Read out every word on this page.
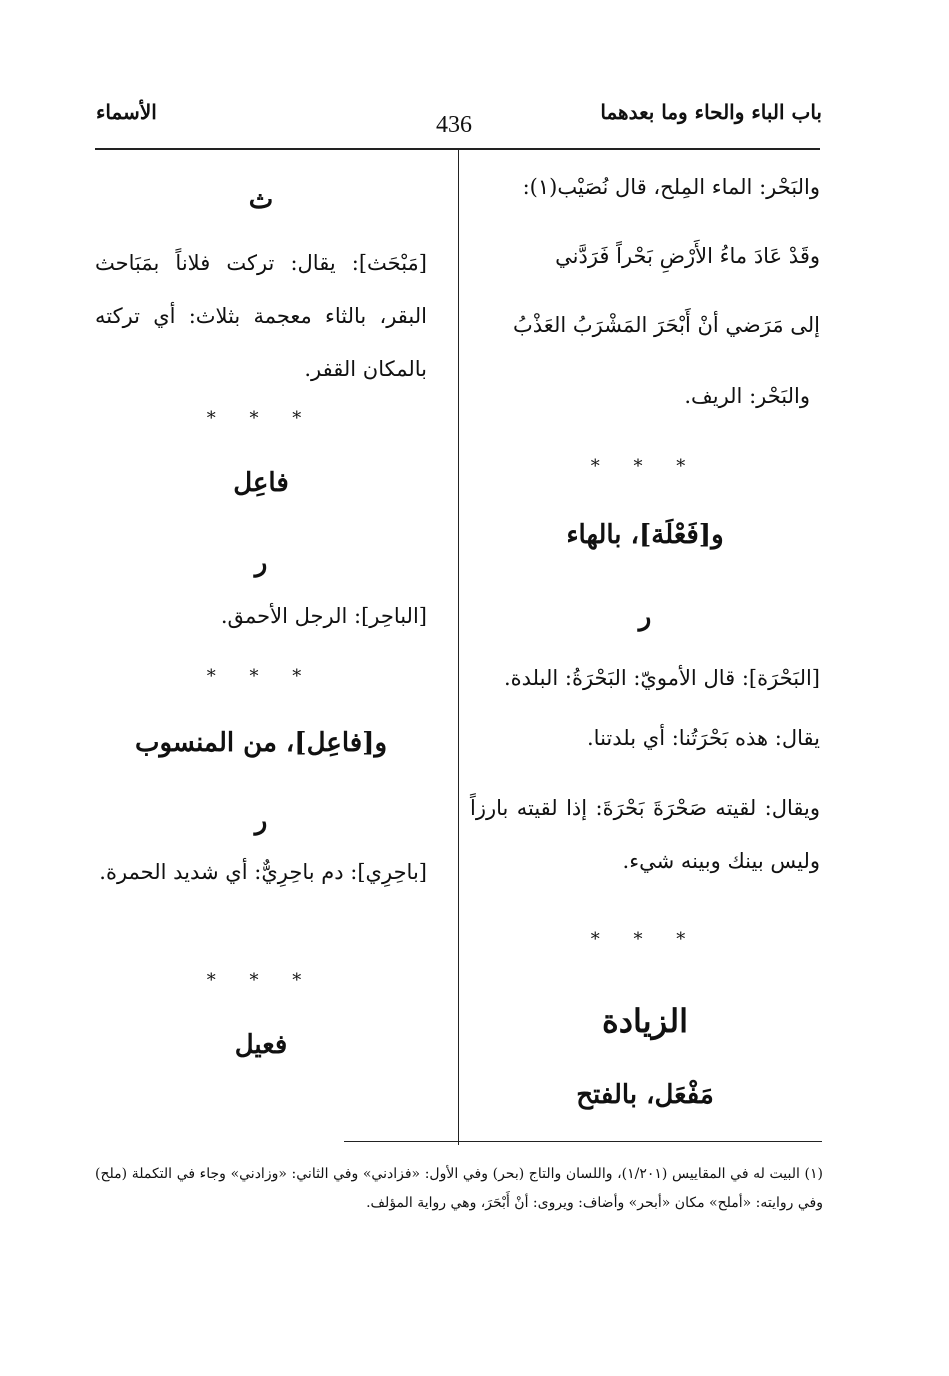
باب الباء والحاء وما بعدهما
436
الأسماء
والبَحْر: الماء المِلح، قال نُصَيْب(١):
وقَدْ عَادَ ماءُ الأَرْضِ بَحْراً فَرَدَّني
إلى مَرَضي أنْ أَبْحَرَ المَشْرَبُ العَذْبُ
والبَحْر: الريف.
* * *
و[فَعْلَة]، بالهاء
ر
[البَحْرَة]: قال الأمويّ: البَحْرَةُ: البلدة.
يقال: هذه بَحْرَتُنا: أي بلدتنا.
ويقال: لقيته صَحْرَةَ بَحْرَةَ: إذا لقيته بارزاً وليس بينك وبينه شيء.
* * *
الزيادة
مَفْعَل، بالفتح
ث
[مَبْحَث]: يقال: تركت فلاناً بمَبَاحث البقر، بالثاء معجمة بثلاث: أي تركته بالمكان القفر.
* * *
فاعِل
ر
[الباحِر]: الرجل الأحمق.
* * *
و[فاعِل]، من المنسوب
ر
[باحِرِي]: دم باحِرِيٌّ: أي شديد الحمرة.
* * *
فعيل
(١) البيت له في المقاييس (١/٢٠١)، واللسان والتاج (بحر) وفي الأول: «فزادني» وفي الثاني: «وزادني» وجاء في التكملة (ملح) وفي روايته: «أملح» مكان «أبحر» وأضاف: ويروى: أنْ أَبْحَرَ، وهي رواية المؤلف.
